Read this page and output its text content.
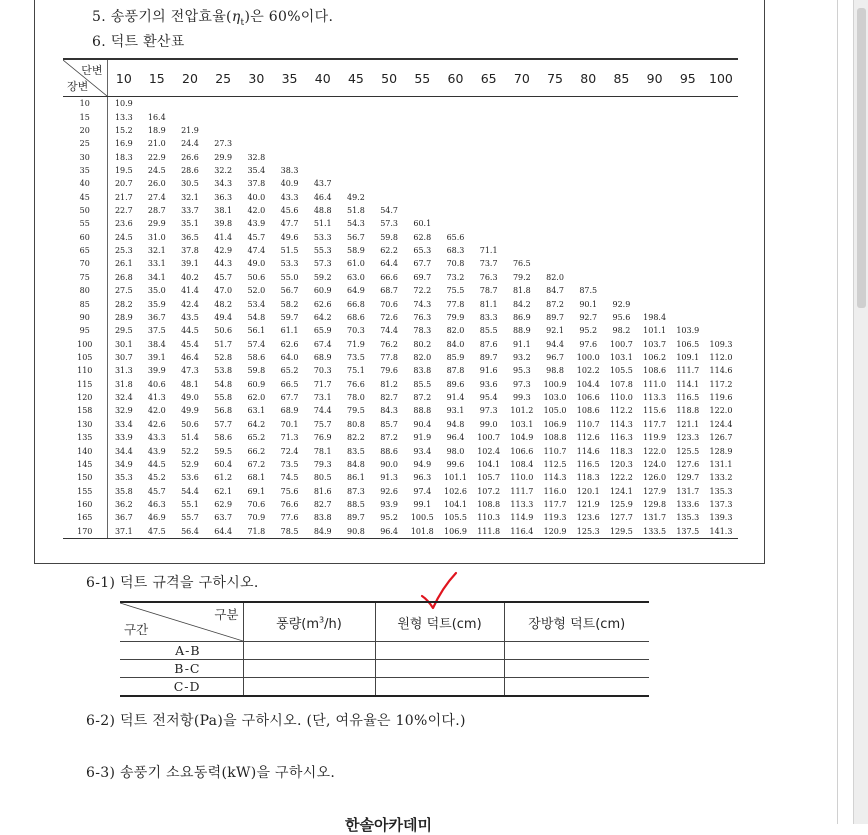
5. 송풍기의 전압효율$(\eta_t)$은 60%이다.
6. 덕트 환산표
단변
장변	10	15	20	25	30	35	40	45	50	55	60	65	70	75	80	85	90	95	100
10	10.9																		
15	13.3	16.4																	
20	15.2	18.9	21.9																
25	16.9	21.0	24.4	27.3															
30	18.3	22.9	26.6	29.9	32.8														
35	19.5	24.5	28.6	32.2	35.4	38.3													
40	20.7	26.0	30.5	34.3	37.8	40.9	43.7												
45	21.7	27.4	32.1	36.3	40.0	43.3	46.4	49.2											
50	22.7	28.7	33.7	38.1	42.0	45.6	48.8	51.8	54.7										
55	23.6	29.9	35.1	39.8	43.9	47.7	51.1	54.3	57.3	60.1									
60	24.5	31.0	36.5	41.4	45.7	49.6	53.3	56.7	59.8	62.8	65.6								
65	25.3	32.1	37.8	42.9	47.4	51.5	55.3	58.9	62.2	65.3	68.3	71.1							
70	26.1	33.1	39.1	44.3	49.0	53.3	57.3	61.0	64.4	67.7	70.8	73.7	76.5						
75	26.8	34.1	40.2	45.7	50.6	55.0	59.2	63.0	66.6	69.7	73.2	76.3	79.2	82.0					
80	27.5	35.0	41.4	47.0	52.0	56.7	60.9	64.9	68.7	72.2	75.5	78.7	81.8	84.7	87.5				
85	28.2	35.9	42.4	48.2	53.4	58.2	62.6	66.8	70.6	74.3	77.8	81.1	84.2	87.2	90.1	92.9			
90	28.9	36.7	43.5	49.4	54.8	59.7	64.2	68.6	72.6	76.3	79.9	83.3	86.9	89.7	92.7	95.6	198.4		
95	29.5	37.5	44.5	50.6	56.1	61.1	65.9	70.3	74.4	78.3	82.0	85.5	88.9	92.1	95.2	98.2	101.1	103.9	
100	30.1	38.4	45.4	51.7	57.4	62.6	67.4	71.9	76.2	80.2	84.0	87.6	91.1	94.4	97.6	100.7	103.7	106.5	109.3
105	30.7	39.1	46.4	52.8	58.6	64.0	68.9	73.5	77.8	82.0	85.9	89.7	93.2	96.7	100.0	103.1	106.2	109.1	112.0
110	31.3	39.9	47.3	53.8	59.8	65.2	70.3	75.1	79.6	83.8	87.8	91.6	95.3	98.8	102.2	105.5	108.6	111.7	114.6
115	31.8	40.6	48.1	54.8	60.9	66.5	71.7	76.6	81.2	85.5	89.6	93.6	97.3	100.9	104.4	107.8	111.0	114.1	117.2
120	32.4	41.3	49.0	55.8	62.0	67.7	73.1	78.0	82.7	87.2	91.4	95.4	99.3	103.0	106.6	110.0	113.3	116.5	119.6
158	32.9	42.0	49.9	56.8	63.1	68.9	74.4	79.5	84.3	88.8	93.1	97.3	101.2	105.0	108.6	112.2	115.6	118.8	122.0
130	33.4	42.6	50.6	57.7	64.2	70.1	75.7	80.8	85.7	90.4	94.8	99.0	103.1	106.9	110.7	114.3	117.7	121.1	124.4
135	33.9	43.3	51.4	58.6	65.2	71.3	76.9	82.2	87.2	91.9	96.4	100.7	104.9	108.8	112.6	116.3	119.9	123.3	126.7
140	34.4	43.9	52.2	59.5	66.2	72.4	78.1	83.5	88.6	93.4	98.0	102.4	106.6	110.7	114.6	118.3	122.0	125.5	128.9
145	34.9	44.5	52.9	60.4	67.2	73.5	79.3	84.8	90.0	94.9	99.6	104.1	108.4	112.5	116.5	120.3	124.0	127.6	131.1
150	35.3	45.2	53.6	61.2	68.1	74.5	80.5	86.1	91.3	96.3	101.1	105.7	110.0	114.3	118.3	122.2	126.0	129.7	133.2
155	35.8	45.7	54.4	62.1	69.1	75.6	81.6	87.3	92.6	97.4	102.6	107.2	111.7	116.0	120.1	124.1	127.9	131.7	135.3
160	36.2	46.3	55.1	62.9	70.6	76.6	82.7	88.5	93.9	99.1	104.1	108.8	113.3	117.7	121.9	125.9	129.8	133.6	137.3
165	36.7	46.9	55.7	63.7	70.9	77.6	83.8	89.7	95.2	100.5	105.5	110.3	114.9	119.3	123.6	127.7	131.7	135.3	139.3
170	37.1	47.5	56.4	64.4	71.8	78.5	84.9	90.8	96.4	101.8	106.9	111.8	116.4	120.9	125.3	129.5	133.5	137.5	141.3
6-1) 덕트 규격을 구하시오.
구분
구간	풍량$(m^3/h)$	원형 덕트(cm)	장방형 덕트(cm)
A-B			
B-C			
C-D			
6-2) 덕트 전저항(Pa)을 구하시오. (단, 여유율은 10%이다.)
6-3) 송풍기 소요동력(kW)을 구하시오.
한솔아카데미
